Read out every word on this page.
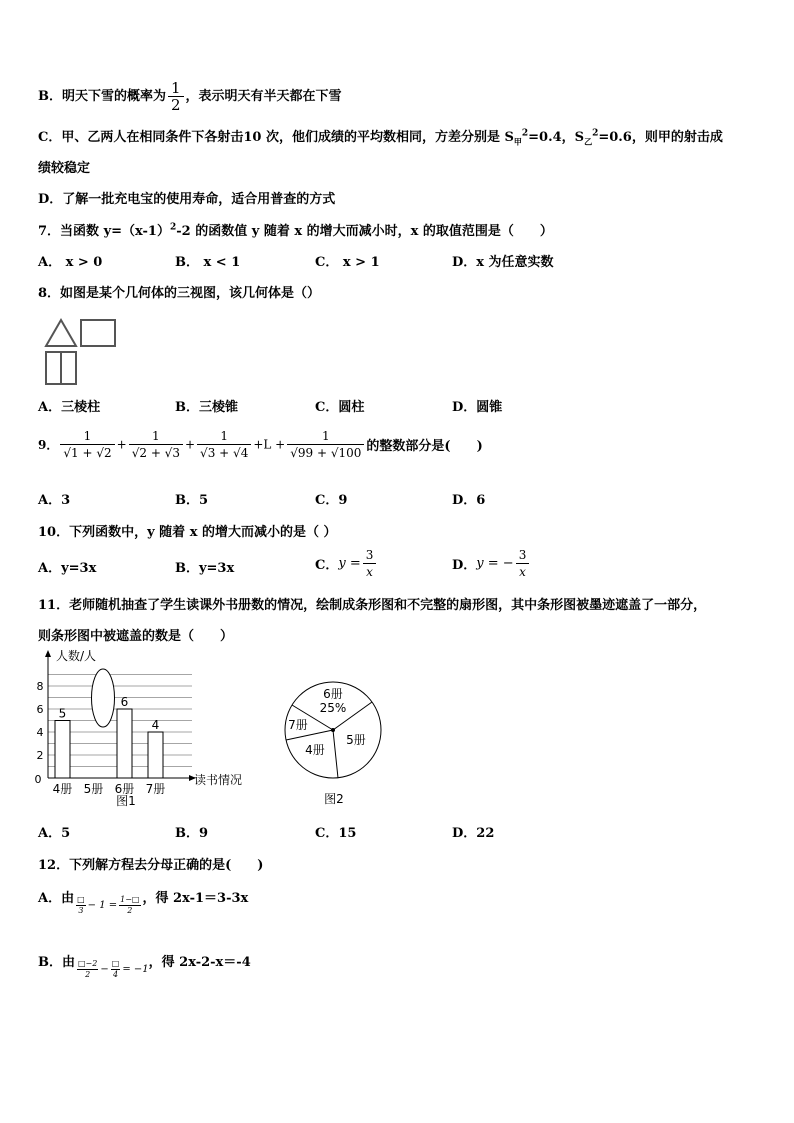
B．明天下雪的概率为 $\frac{1}{2}$ ，表示明天有半天都在下雪
C．甲、乙两人在相同条件下各射击10 次，他们成绩的平均数相同，方差分别是 $S_甲^2=0.4$，$S_乙^2=0.6$，则甲的射击成
绩较稳定
D．了解一批充电宝的使用寿命，适合用普查的方式
7．当函数 $y=(x-1)^2-2$ 的函数值 y 随着 x 的增大而减小时，x 的取值范围是（　　）
A． x > 0	B． x < 1	C． x > 1	D．x 为任意实数
8．如图是某个几何体的三视图，该几何体是（）
A．三棱柱	B．三棱锥	C．圆柱	D．圆锥
9． $\frac{1}{√1 + √2} + \frac{1}{√2 + √3} + \frac{1}{√3 + √4} +L + \frac{1}{√99 + √100}$ 的整数部分是(　　)
A．3	B．5	C．9	D．6
10．下列函数中，y 随着 x 的增大而减小的是（ ）
A．y=3x	B．y=3x	C．$y = \frac{3}{x}$	D．y = − $\frac{3}{x}$
11．老师随机抽查了学生读课外书册数的情况，绘制成条形图和不完整的扇形图，其中条形图被墨迹遮盖了一部分，
则条形图中被遮盖的数是（　　）
人数/人
读书情况
0
2
4
6
8
5
6
4
4册 5册 6册 7册
图1
6册
25%
5册
4册
7册
图2
A．5	B．9	C．15	D．22
12．下列解方程去分母正确的是(　　)
A．由 $\frac{□}{3} - 1 = \frac{1-□}{2}$ ，得 2x-1＝3-3x
B．由 $\frac{□-2}{2} - \frac{□}{4} = -1$，得 2x-2-x＝-4
